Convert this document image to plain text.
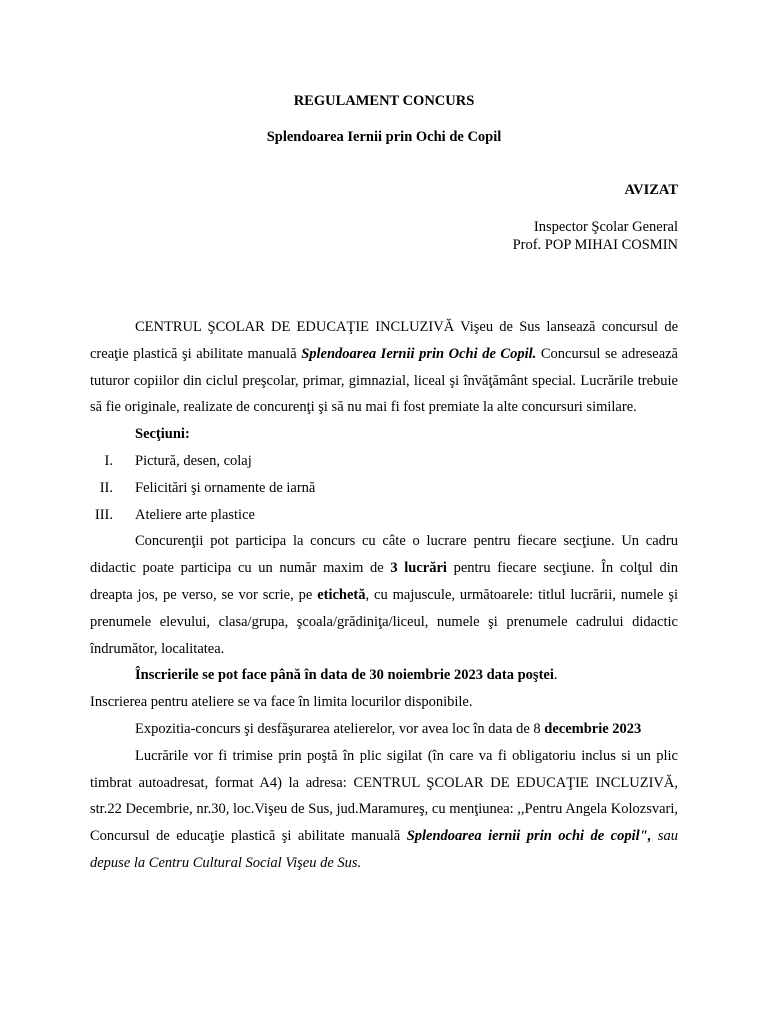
REGULAMENT CONCURS
Splendoarea Iernii prin Ochi de Copil
AVIZAT
Inspector Şcolar General
Prof. POP MIHAI COSMIN

CENTRUL ŞCOLAR DE EDUCAŢIE INCLUZIVĂ Vişeu de Sus lansează concursul de creaţie plastică şi abilitate manuală Splendoarea Iernii prin Ochi de Copil. Concursul se adresează tuturor copiilor din ciclul preşcolar, primar, gimnazial, liceal şi învăţământ special. Lucrările trebuie să fie originale, realizate de concurenţi şi să nu mai fi fost premiate la alte concursuri similare.

Secţiuni:

I.	Pictură, desen, colaj
II.	Felicitări şi ornamente de iarnă
III.	Ateliere arte plastice

Concurenţii pot participa la concurs cu câte o lucrare pentru fiecare secţiune. Un cadru didactic poate participa cu un număr maxim de 3 lucrări pentru fiecare secţiune. În colţul din dreapta jos, pe verso, se vor scrie, pe etichetă, cu majuscule, următoarele: titlul lucrării, numele şi prenumele elevului, clasa/grupa, şcoala/grădiniţa/liceul, numele şi prenumele cadrului didactic îndrumător, localitatea.

Înscrierile se pot face până în data de 30 noiembrie 2023 data poştei.

Inscrierea pentru ateliere se va face în limita locurilor disponibile.

Expozitia-concurs şi desfăşurarea atelierelor, vor avea loc în data de 8 decembrie 2023

Lucrările vor fi trimise prin poştă în plic sigilat (în care va fi obligatoriu inclus si un plic timbrat autoadresat, format A4) la adresa: CENTRUL ŞCOLAR DE EDUCAŢIE INCLUZIVĂ, str.22 Decembrie, nr.30, loc.Vişeu de Sus, jud.Maramureş, cu menţiunea: ,,Pentru Angela Kolozsvari, Concursul de educaţie plastică şi abilitate manuală Splendoarea iernii prin ochi de copil", sau depuse la Centru Cultural Social Vişeu de Sus.
